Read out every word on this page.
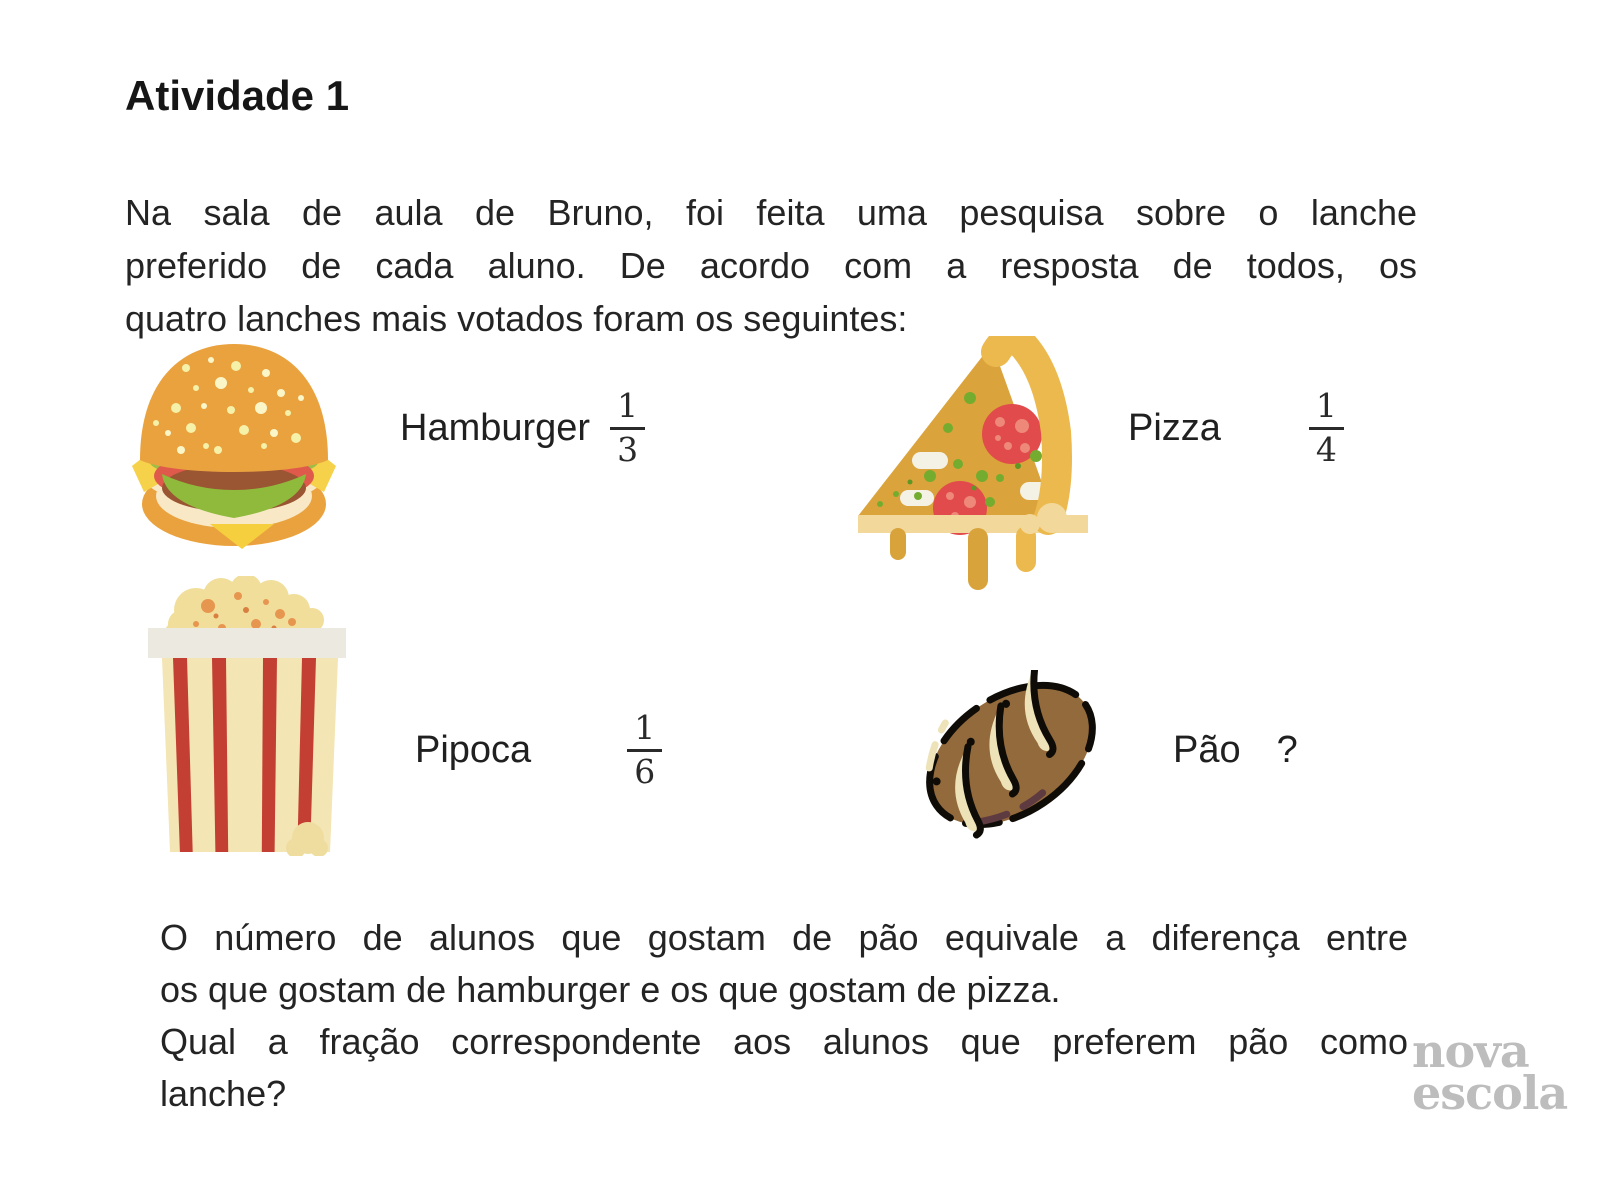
Atividade 1
Na sala de aula de Bruno, foi feita uma pesquisa sobre o lanche
preferido de cada aluno. De acordo com a resposta de todos, os
quatro lanches mais votados foram os seguintes:
Hamburger $\frac{1}{3}$	Pizza	$\frac{1}{4}$
Pipoca	$\frac{1}{6}$	Pão ?
O número de alunos que gostam de pão equivale a diferença entre
os que gostam de hamburger e os que gostam de pizza.
Qual a fração correspondente aos alunos que preferem pão como
lanche?
nova
escola
